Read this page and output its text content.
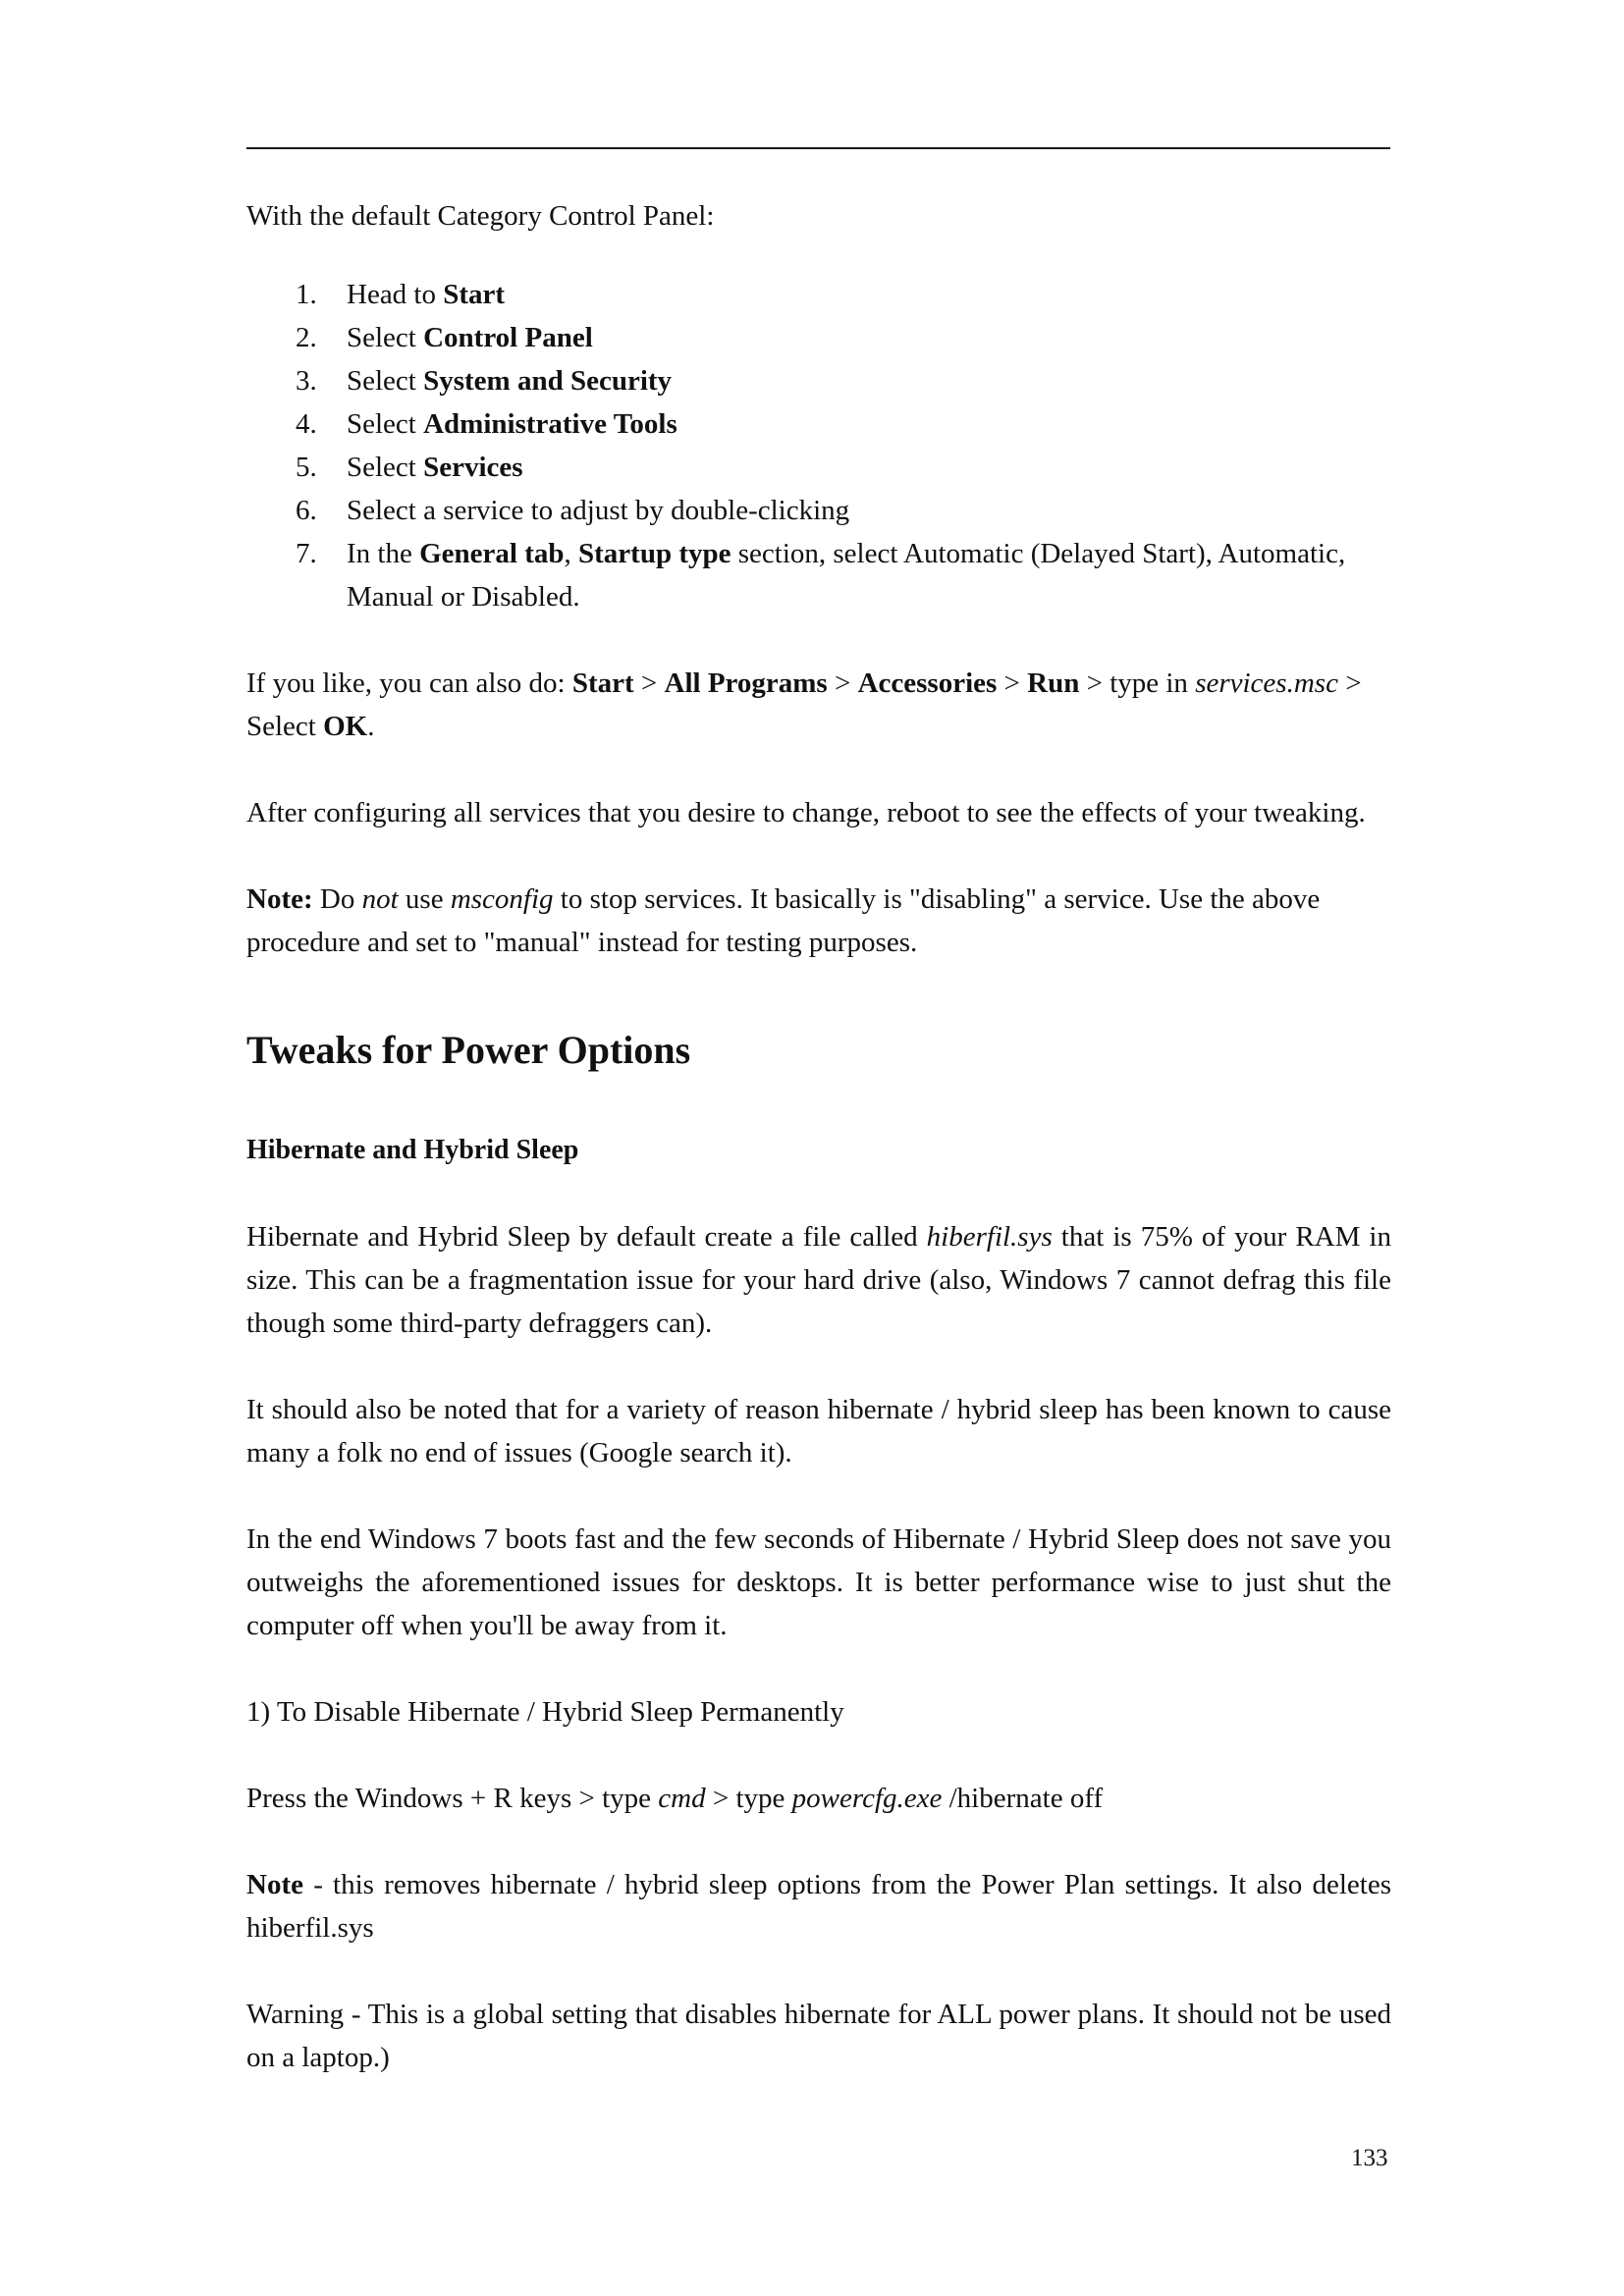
With the default Category Control Panel:

1. Head to Start
2. Select Control Panel
3. Select System and Security
4. Select Administrative Tools
5. Select Services
6. Select a service to adjust by double-clicking
7. In the General tab, Startup type section, select Automatic (Delayed Start), Automatic, Manual or Disabled.

If you like, you can also do: Start > All Programs > Accessories > Run > type in services.msc > Select OK.

After configuring all services that you desire to change, reboot to see the effects of your tweaking.

Note: Do not use msconfig to stop services. It basically is "disabling" a service. Use the above procedure and set to "manual" instead for testing purposes.

Tweaks for Power Options
Hibernate and Hybrid Sleep

Hibernate and Hybrid Sleep by default create a file called hiberfil.sys that is 75% of your RAM in size. This can be a fragmentation issue for your hard drive (also, Windows 7 cannot defrag this file though some third-party defraggers can).

It should also be noted that for a variety of reason hibernate / hybrid sleep has been known to cause many a folk no end of issues (Google search it).

In the end Windows 7 boots fast and the few seconds of Hibernate / Hybrid Sleep does not save you outweighs the aforementioned issues for desktops. It is better performance wise to just shut the computer off when you'll be away from it.

1) To Disable Hibernate / Hybrid Sleep Permanently

Press the Windows + R keys > type cmd > type powercfg.exe /hibernate off

Note - this removes hibernate / hybrid sleep options from the Power Plan settings. It also deletes hiberfil.sys

Warning - This is a global setting that disables hibernate for ALL power plans. It should not be used on a laptop.)

133
